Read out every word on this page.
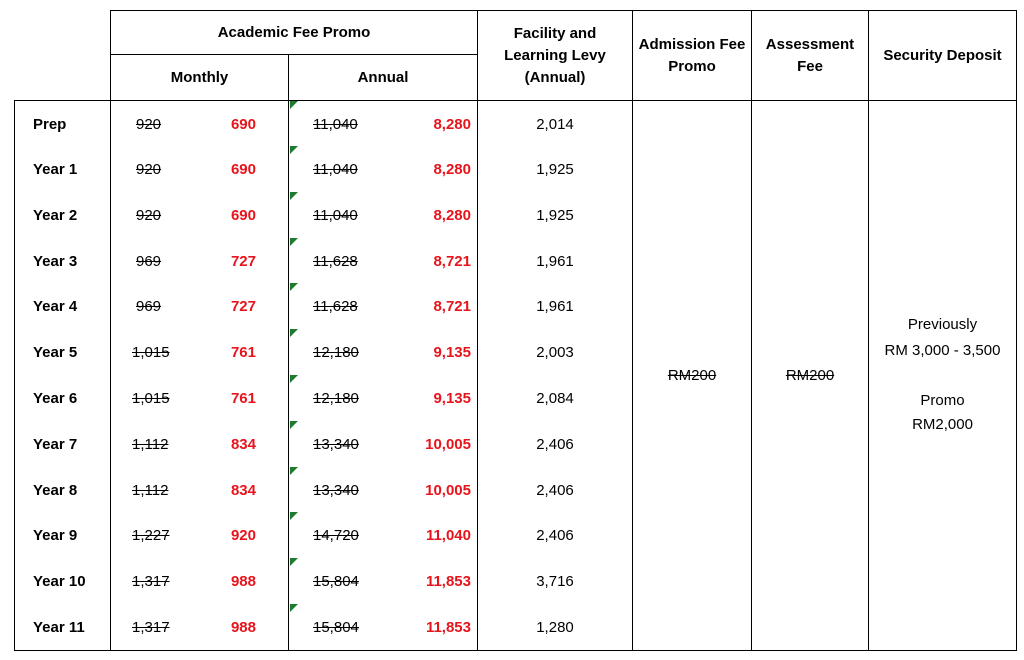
Academic Fee Promo
Monthly	Annual
Facility and Learning Levy (Annual)
Admission Fee Promo
Assessment Fee
Security Deposit
Prep	920	690	11,040	8,280	2,014
Year 1	920	690	11,040	8,280	1,925
Year 2	920	690	11,040	8,280	1,925
Year 3	969	727	11,628	8,721	1,961
Year 4	969	727	11,628	8,721	1,961
Year 5	1,015	761	12,180	9,135	2,003
Year 6	1,015	761	12,180	9,135	2,084
Year 7	1,112	834	13,340	10,005	2,406
Year 8	1,112	834	13,340	10,005	2,406
Year 9	1,227	920	14,720	11,040	2,406
Year 10	1,317	988	15,804	11,853	3,716
Year 11	1,317	988	15,804	11,853	1,280
RM200	RM200
Previously
RM 3,000 - 3,500
Promo
RM2,000
